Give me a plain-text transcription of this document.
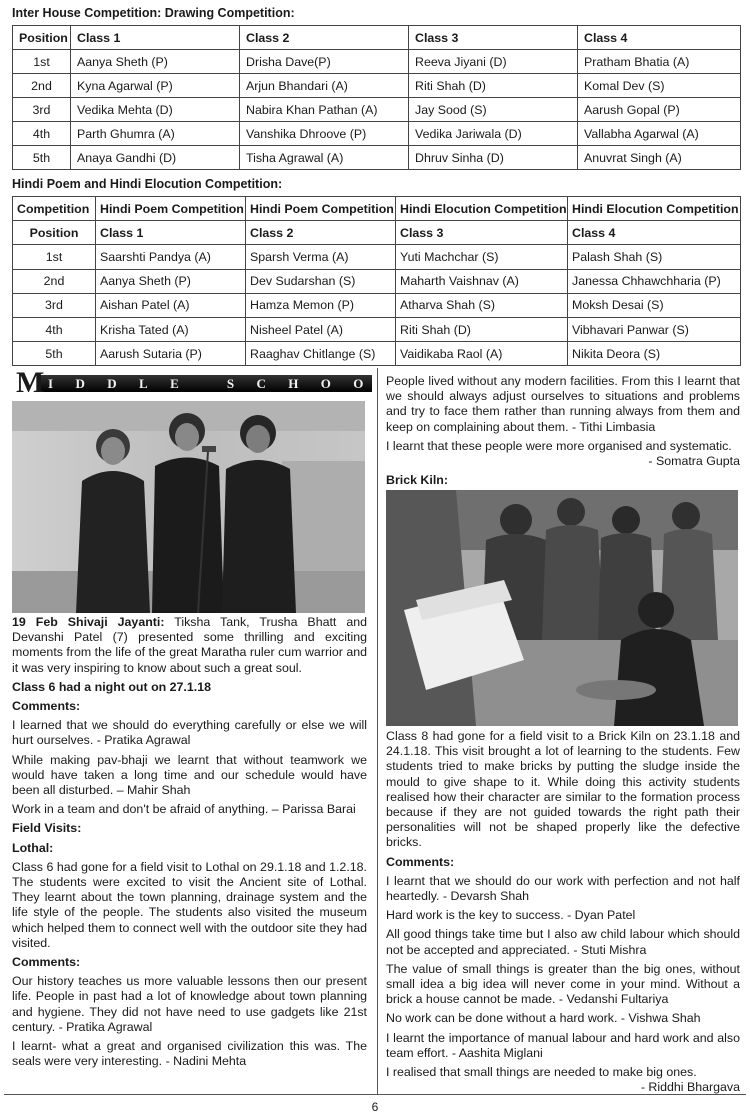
Inter House Competition: Drawing Competition:
Position	Class 1	Class 2	Class 3	Class 4
1st	Aanya Sheth (P)	Drisha Dave(P)	Reeva Jiyani (D)	Pratham Bhatia (A)
2nd	Kyna Agarwal (P)	Arjun Bhandari (A)	Riti Shah (D)	Komal Dev (S)
3rd	Vedika Mehta (D)	Nabira Khan Pathan (A)	Jay Sood (S)	Aarush Gopal (P)
4th	Parth Ghumra (A)	Vanshika Dhroove (P)	Vedika Jariwala (D)	Vallabha Agarwal (A)
5th	Anaya Gandhi (D)	Tisha Agrawal (A)	Dhruv Sinha (D)	Anuvrat Singh (A)
Hindi Poem and Hindi Elocution Competition:
Competition	Hindi Poem Competition	Hindi Poem Competition	Hindi Elocution Competition	Hindi Elocution Competition
Position	Class 1	Class 2	Class 3	Class 4
1st	Saarshti Pandya (A)	Sparsh Verma (A)	Yuti Machchar (S)	Palash Shah (S)
2nd	Aanya Sheth (P)	Dev Sudarshan (S)	Maharth Vaishnav (A)	Janessa Chhawchharia (P)
3rd	Aishan Patel (A)	Hamza Memon (P)	Atharva Shah (S)	Moksh Desai (S)
4th	Krisha Tated (A)	Nisheel Patel (A)	Riti Shah (D)	Vibhavari Panwar (S)
5th	Aarush Sutaria (P)	Raaghav Chitlange (S)	Vaidikaba Raol (A)	Nikita Deora (S)
IDDLE SCHOOL
M

19 Feb Shivaji Jayanti: Tiksha Tank, Trusha Bhatt and Devanshi Patel (7) presented some thrilling and exciting moments from the life of the great Maratha ruler cum warrior and it was very inspiring to know about such a great soul.

Class 6 had a night out on 27.1.18

Comments:

I learned that we should do everything carefully or else we will hurt ourselves. - Pratika Agrawal

While making pav-bhaji we learnt that without teamwork we would have taken a long time and our schedule would have been all disturbed. – Mahir Shah

Work in a team and don't be afraid of anything. – Parissa Barai

Field Visits:

Lothal:

Class 6 had gone for a field visit to Lothal on 29.1.18 and 1.2.18. The students were excited to visit the Ancient site of Lothal. They learnt about the town planning, drainage system and the life style of the people. The students also visited the museum which helped them to connect well with the outdoor site they had visited.

Comments:

Our history teaches us more valuable lessons then our present life. People in past had a lot of knowledge about town planning and hygiene. They did not have need to use gadgets like 21st century. - Pratika Agrawal

I learnt- what a great and organised civilization this was. The seals were very interesting. - Nadini Mehta

People lived without any modern facilities. From this I learnt that we should always adjust ourselves to situations and problems and try to face them rather than running always from them and keep on complaining about them. - Tithi Limbasia

I learnt that these people were more organised and systematic.

- Somatra Gupta

Brick Kiln:

Class 8 had gone for a field visit to a Brick Kiln on 23.1.18 and 24.1.18. This visit brought a lot of learning to the students. Few students tried to make bricks by putting the sludge inside the mould to give shape to it. While doing this activity students realised how their character are similar to the formation process because if they are not guided towards the right path their personalities will not be shaped properly like the defective bricks.

Comments:

I learnt that we should do our work with perfection and not half heartedly. - Devarsh Shah

Hard work is the key to success. - Dyan Patel

All good things take time but I also aw child labour which should not be accepted and appreciated. - Stuti Mishra

The value of small things is greater than the big ones, without small idea a big idea will never come in your mind. Without a brick a house cannot be made. - Vedanshi Fultariya

No work can be done without a hard work. - Vishwa Shah

I learnt the importance of manual labour and hard work and also team effort. - Aashita Miglani

I realised that small things are needed to make big ones.

- Riddhi Bhargava

6
